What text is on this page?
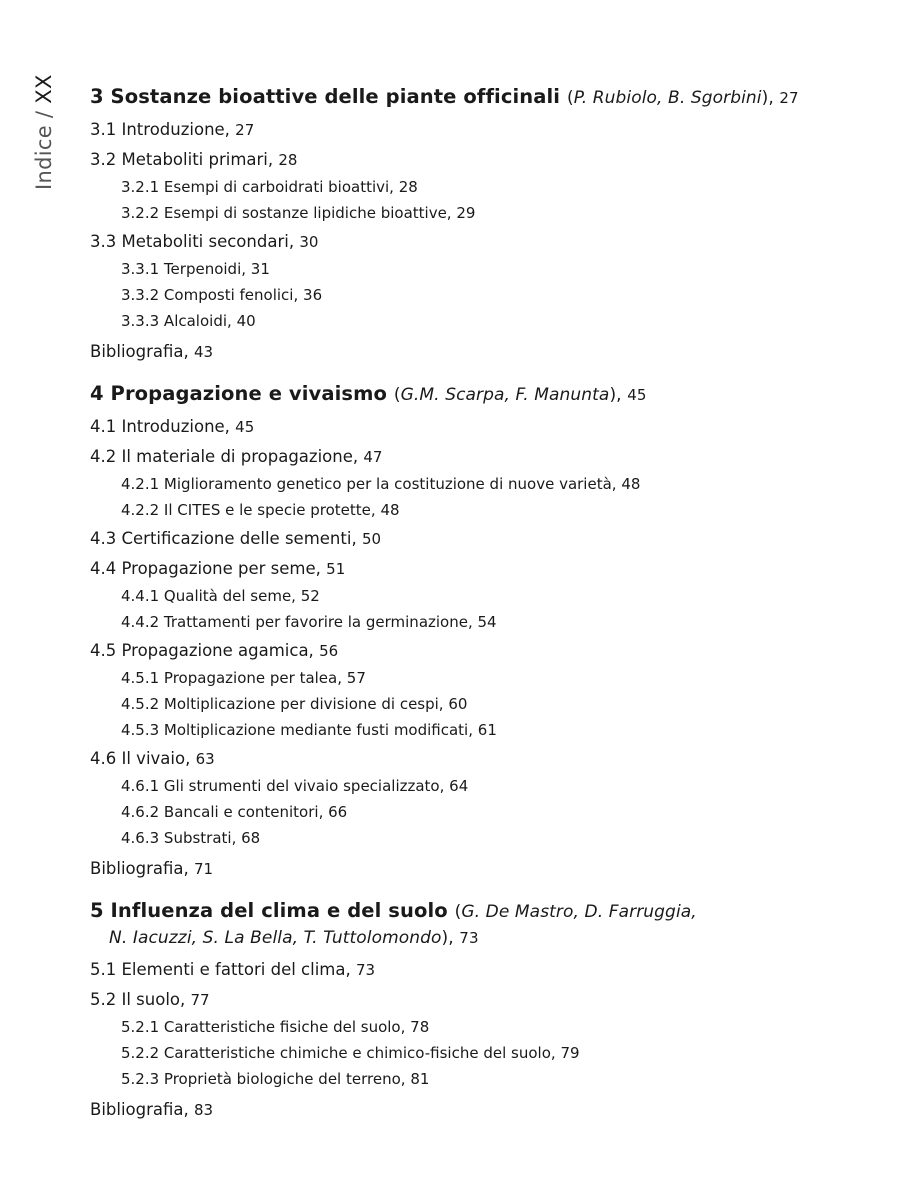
Indice / XX 3 Sostanze bioattive delle piante officinali (P. Rubiolo, B. Sgorbini), 27
3.1 Introduzione, 27
3.2 Metaboliti primari, 28
3.2.1 Esempi di carboidrati bioattivi, 28
3.2.2 Esempi di sostanze lipidiche bioattive, 29
3.3 Metaboliti secondari, 30
3.3.1 Terpenoidi, 31
3.3.2 Composti fenolici, 36
3.3.3 Alcaloidi, 40
Bibliografia, 43
4 Propagazione e vivaismo (G.M. Scarpa, F. Manunta), 45
4.1 Introduzione, 45
4.2 Il materiale di propagazione, 47
4.2.1 Miglioramento genetico per la costituzione di nuove varietà, 48
4.2.2 Il CITES e le specie protette, 48
4.3 Certificazione delle sementi, 50
4.4 Propagazione per seme, 51
4.4.1 Qualità del seme, 52
4.4.2 Trattamenti per favorire la germinazione, 54
4.5 Propagazione agamica, 56
4.5.1 Propagazione per talea, 57
4.5.2 Moltiplicazione per divisione di cespi, 60
4.5.3 Moltiplicazione mediante fusti modificati, 61
4.6 Il vivaio, 63
4.6.1 Gli strumenti del vivaio specializzato, 64
4.6.2 Bancali e contenitori, 66
4.6.3 Substrati, 68
Bibliografia, 71
5 Influenza del clima e del suolo (G. De Mastro, D. Farruggia,
N. Iacuzzi, S. La Bella, T. Tuttolomondo), 73
5.1 Elementi e fattori del clima, 73
5.2 Il suolo, 77
5.2.1 Caratteristiche fisiche del suolo, 78
5.2.2 Caratteristiche chimiche e chimico-fisiche del suolo, 79
5.2.3 Proprietà biologiche del terreno, 81
Bibliografia, 83
